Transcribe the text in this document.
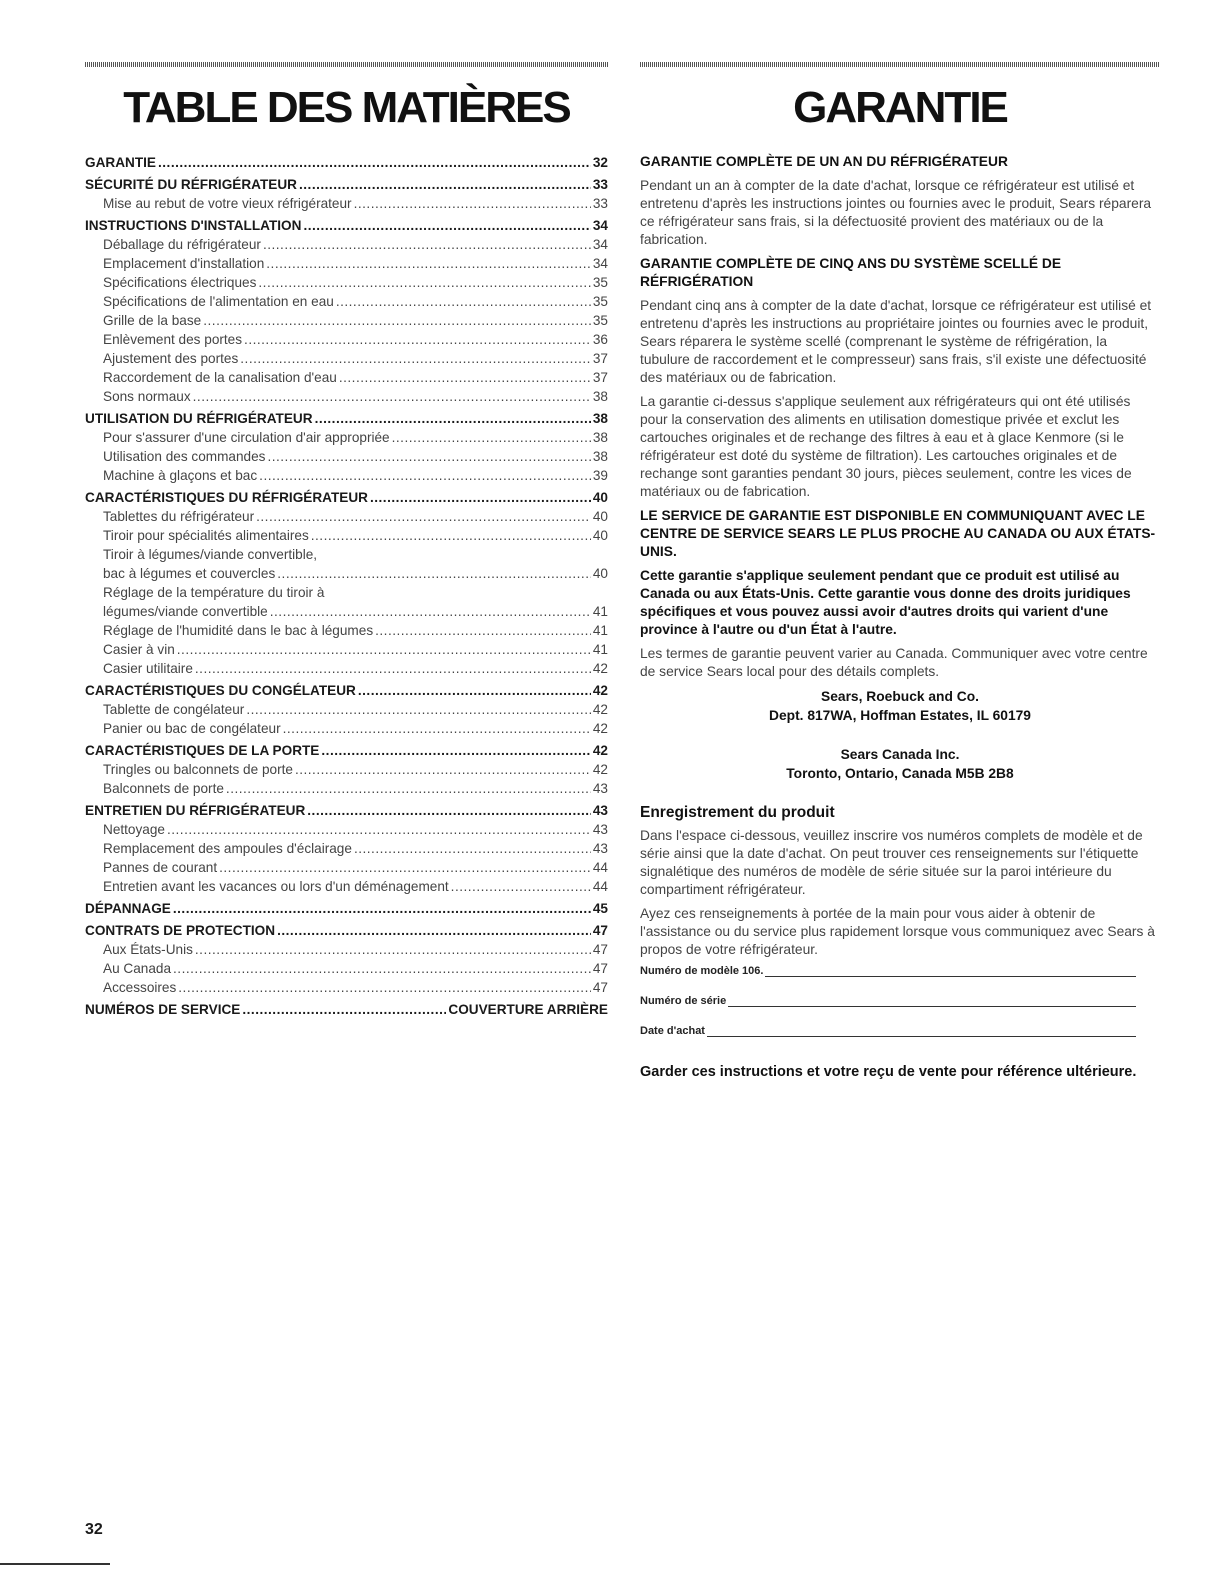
TABLE DES MATIÈRES
GARANTIE .....	32
SÉCURITÉ DU RÉFRIGÉRATEUR .....	33
Mise au rebut de votre vieux réfrigérateur .....	33
INSTRUCTIONS D'INSTALLATION .....	34
Déballage du réfrigérateur .....	34
Emplacement d'installation .....	34
Spécifications électriques .....	35
Spécifications de l'alimentation en eau .....	35
Grille de la base .....	35
Enlèvement des portes .....	36
Ajustement des portes .....	37
Raccordement de la canalisation d'eau .....	37
Sons normaux .....	38
UTILISATION DU RÉFRIGÉRATEUR .....	38
Pour s'assurer d'une circulation d'air appropriée .....	38
Utilisation des commandes .....	38
Machine à glaçons et bac .....	39
CARACTÉRISTIQUES DU RÉFRIGÉRATEUR .....	40
Tablettes du réfrigérateur .....	40
Tiroir pour spécialités alimentaires .....	40
Tiroir à légumes/viande convertible,
bac à légumes et couvercles .....	40
Réglage de la température du tiroir à
légumes/viande convertible .....	41
Réglage de l'humidité dans le bac à légumes .....	41
Casier à vin .....	41
Casier utilitaire .....	42
CARACTÉRISTIQUES DU CONGÉLATEUR .....	42
Tablette de congélateur .....	42
Panier ou bac de congélateur .....	42
CARACTÉRISTIQUES DE LA PORTE .....	42
Tringles ou balconnets de porte .....	42
Balconnets de porte .....	43
ENTRETIEN DU RÉFRIGÉRATEUR .....	43
Nettoyage .....	43
Remplacement des ampoules d'éclairage .....	43
Pannes de courant .....	44
Entretien avant les vacances ou lors d'un déménagement .....	44
DÉPANNAGE .....	45
CONTRATS DE PROTECTION .....	47
Aux États-Unis .....	47
Au Canada .....	47
Accessoires .....	47
NUMÉROS DE SERVICE .....	COUVERTURE ARRIÈRE
GARANTIE
GARANTIE COMPLÈTE DE UN AN DU RÉFRIGÉRATEUR
Pendant un an à compter de la date d'achat, lorsque ce réfrigérateur est utilisé et entretenu d'après les instructions jointes ou fournies avec le produit, Sears réparera ce réfrigérateur sans frais, si la défectuosité provient des matériaux ou de la fabrication.
GARANTIE COMPLÈTE DE CINQ ANS DU SYSTÈME SCELLÉ DE RÉFRIGÉRATION
Pendant cinq ans à compter de la date d'achat, lorsque ce réfrigérateur est utilisé et entretenu d'après les instructions au propriétaire jointes ou fournies avec le produit, Sears réparera le système scellé (comprenant le système de réfrigération, la tubulure de raccordement et le compresseur) sans frais, s'il existe une défectuosité des matériaux ou de fabrication.
La garantie ci-dessus s'applique seulement aux réfrigérateurs qui ont été utilisés pour la conservation des aliments en utilisation domestique privée et exclut les cartouches originales et de rechange des filtres à eau et à glace Kenmore (si le réfrigérateur est doté du système de filtration). Les cartouches originales et de rechange sont garanties pendant 30 jours, pièces seulement, contre les vices de matériaux ou de fabrication.
LE SERVICE DE GARANTIE EST DISPONIBLE EN COMMUNIQUANT AVEC LE CENTRE DE SERVICE SEARS LE PLUS PROCHE AU CANADA OU AUX ÉTATS-UNIS.
Cette garantie s'applique seulement pendant que ce produit est utilisé au Canada ou aux États-Unis. Cette garantie vous donne des droits juridiques spécifiques et vous pouvez aussi avoir d'autres droits qui varient d'une province à l'autre ou d'un État à l'autre.
Les termes de garantie peuvent varier au Canada. Communiquer avec votre centre de service Sears local pour des détails complets.
Sears, Roebuck and Co.
Dept. 817WA, Hoffman Estates, IL 60179
Sears Canada Inc.
Toronto, Ontario, Canada M5B 2B8
Enregistrement du produit
Dans l'espace ci-dessous, veuillez inscrire vos numéros complets de modèle et de série ainsi que la date d'achat. On peut trouver ces renseignements sur l'étiquette signalétique des numéros de modèle de série située sur la paroi intérieure du compartiment réfrigérateur.
Ayez ces renseignements à portée de la main pour vous aider à obtenir de l'assistance ou du service plus rapidement lorsque vous communiquez avec Sears à propos de votre réfrigérateur.
Numéro de modèle 106.
Numéro de série
Date d'achat
Garder ces instructions et votre reçu de vente pour référence ultérieure.
32
